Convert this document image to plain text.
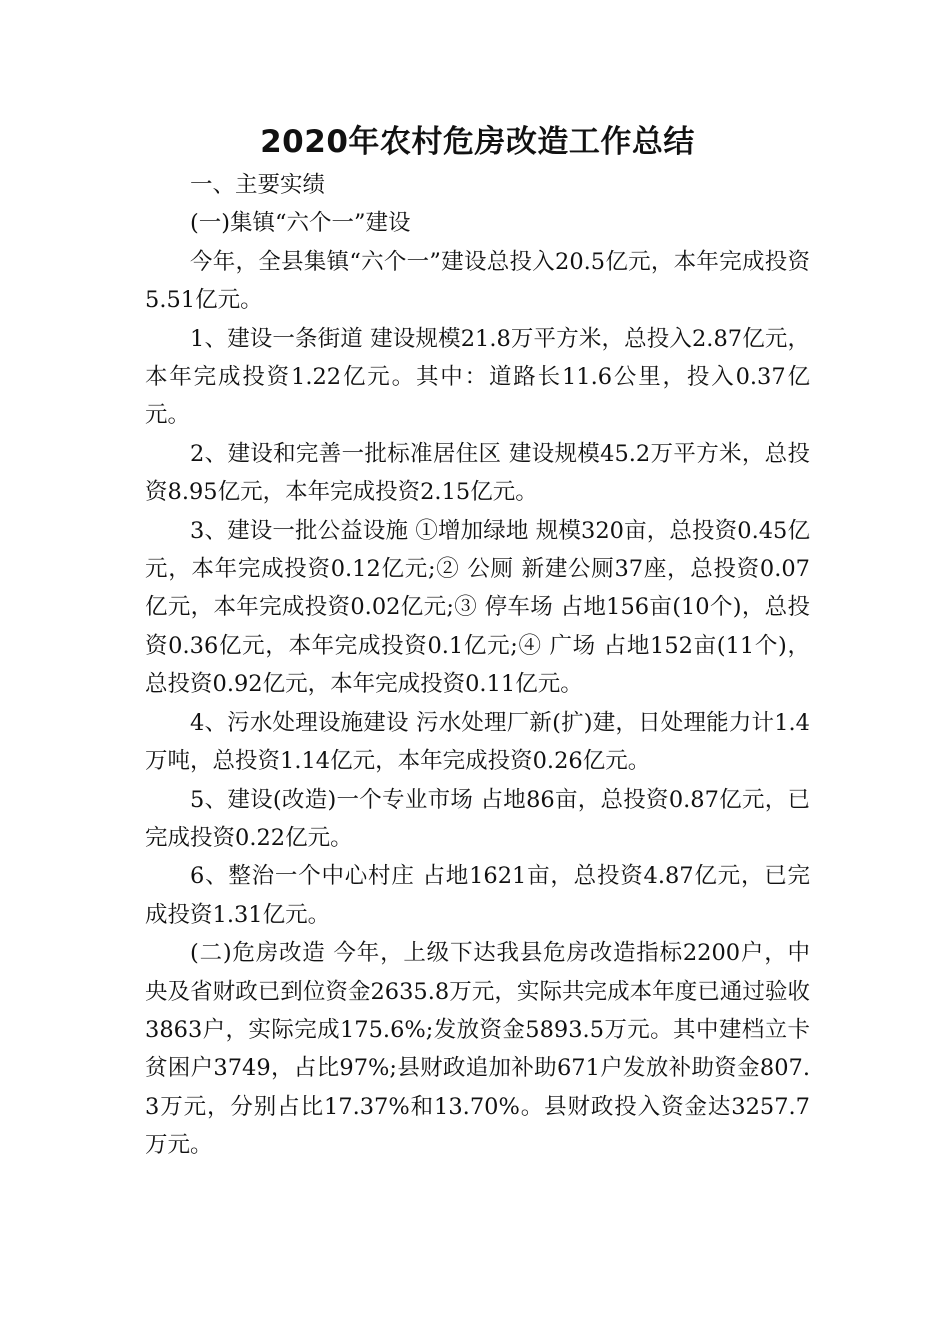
2020年农村危房改造工作总结

一、主要实绩

(一)集镇“六个一”建设

今年，全县集镇“六个一”建设总投入20.5亿元，本年完成投资5.51亿元。

1、建设一条街道 建设规模21.8万平方米，总投入2.87亿元，本年完成投资1.22亿元。其中：道路长11.6公里，投入0.37亿元。

2、建设和完善一批标准居住区 建设规模45.2万平方米，总投资8.95亿元，本年完成投资2.15亿元。

3、建设一批公益设施 ①增加绿地 规模320亩，总投资0.45亿元，本年完成投资0.12亿元;② 公厕 新建公厕37座，总投资0.07亿元，本年完成投资0.02亿元;③ 停车场 占地156亩(10个)，总投资0.36亿元，本年完成投资0.1亿元;④ 广场 占地152亩(11个)，总投资0.92亿元，本年完成投资0.11亿元。

4、污水处理设施建设 污水处理厂新(扩)建，日处理能力计1.4万吨，总投资1.14亿元，本年完成投资0.26亿元。

5、建设(改造)一个专业市场 占地86亩，总投资0.87亿元，已完成投资0.22亿元。

6、整治一个中心村庄 占地1621亩，总投资4.87亿元，已完成投资1.31亿元。

(二)危房改造 今年，上级下达我县危房改造指标2200户，中央及省财政已到位资金2635.8万元，实际共完成本年度已通过验收3863户，实际完成175.6%;发放资金5893.5万元。其中建档立卡贫困户3749，占比97%;县财政追加补助671户发放补助资金807.3万元，分别占比17.37%和13.70%。县财政投入资金达3257.7万元。
